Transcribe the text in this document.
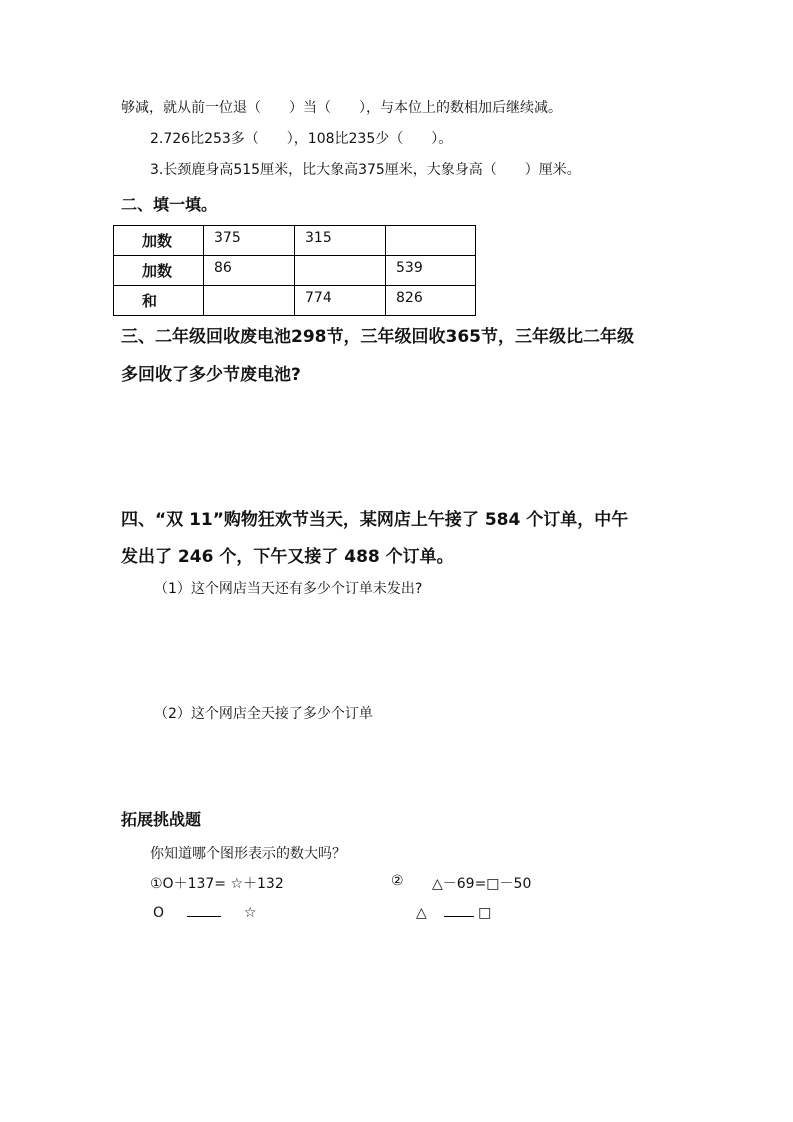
够减，就从前一位退（　　）当（　　），与本位上的数相加后继续减。
2.726比253多（　　），108比235少（　　）。
3.长颈鹿身高515厘米，比大象高375厘米，大象身高（　　）厘米。
二、填一填。
加数	375	315	
加数	86		539
和		774	826
三、二年级回收废电池298节，三年级回收365节，三年级比二年级
多回收了多少节废电池?
四、“双 11”购物狂欢节当天，某网店上午接了 584 个订单，中午
发出了 246 个，下午又接了 488 个订单。
（1）这个网店当天还有多少个订单未发出?
（2）这个网店全天接了多少个订单
拓展挑战题
你知道哪个图形表示的数大吗？
①O＋137= ☆＋132	② △－69=□－50
O	☆	△	□
